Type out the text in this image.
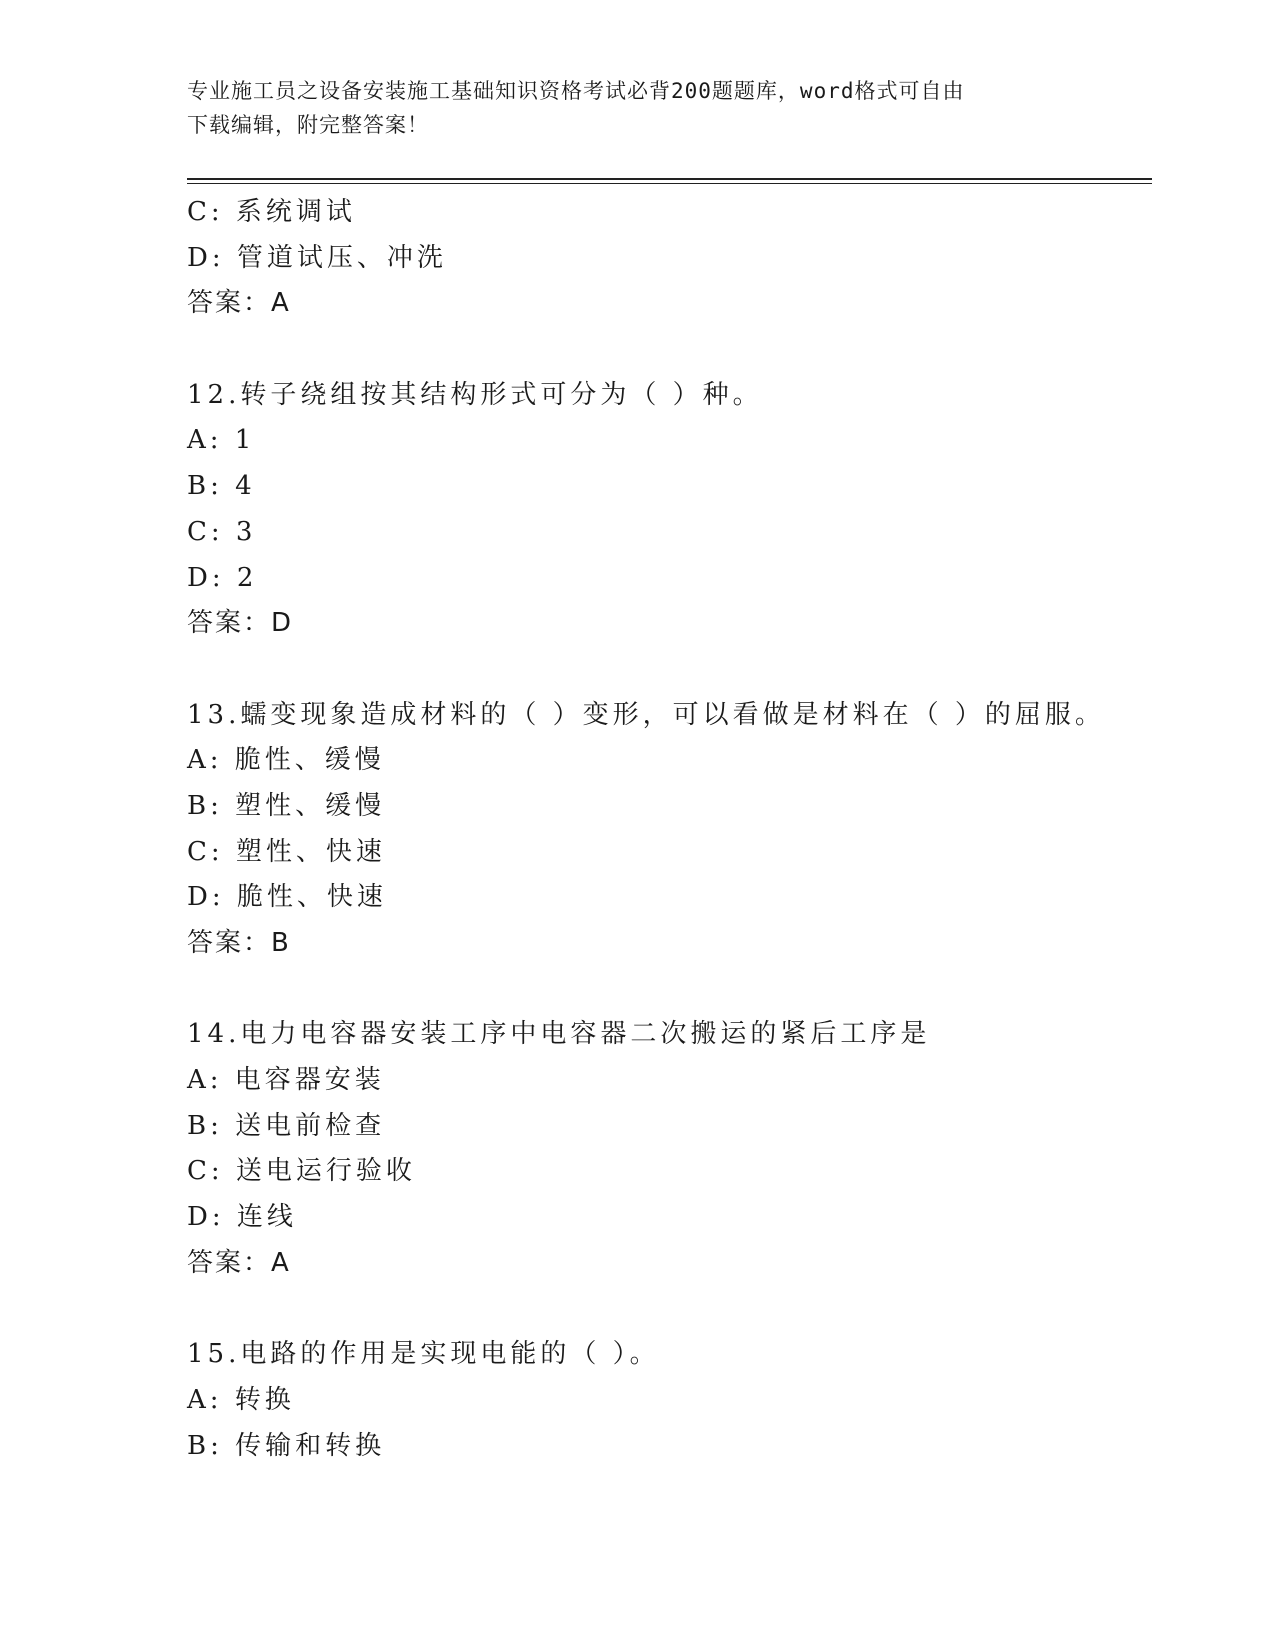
专业施工员之设备安装施工基础知识资格考试必背200题题库，word格式可自由
下载编辑，附完整答案！
C: 系统调试
D: 管道试压、冲洗
答案：A
12.转子绕组按其结构形式可分为（ ）种。
A: 1
B: 4
C: 3
D: 2
答案：D
13.蠕变现象造成材料的（ ）变形，可以看做是材料在（ ）的屈服。
A: 脆性、缓慢
B: 塑性、缓慢
C: 塑性、快速
D: 脆性、快速
答案：B
14.电力电容器安装工序中电容器二次搬运的紧后工序是
A: 电容器安装
B: 送电前检查
C: 送电运行验收
D: 连线
答案：A
15.电路的作用是实现电能的（ ）。
A: 转换
B: 传输和转换
